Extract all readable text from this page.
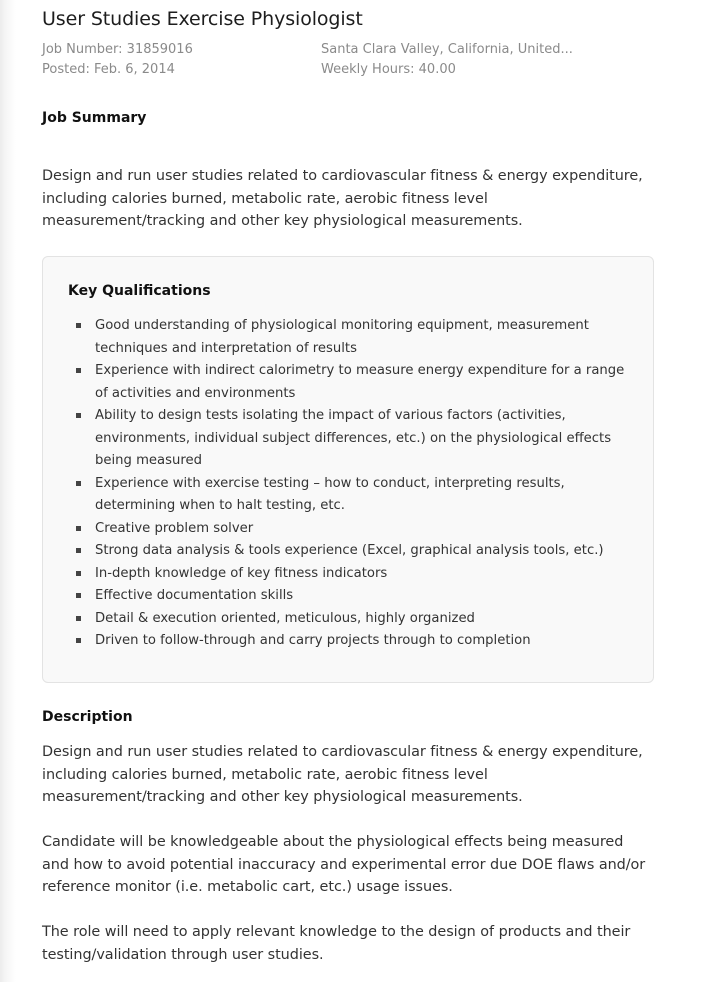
User Studies Exercise Physiologist
Job Number: 31859016
Posted: Feb. 6, 2014
Santa Clara Valley, California, United...
Weekly Hours: 40.00
Job Summary

Design and run user studies related to cardiovascular fitness & energy expenditure,
including calories burned, metabolic rate, aerobic fitness level
measurement/tracking and other key physiological measurements.

Key Qualifications
Good understanding of physiological monitoring equipment, measurement
techniques and interpretation of results
Experience with indirect calorimetry to measure energy expenditure for a range
of activities and environments
Ability to design tests isolating the impact of various factors (activities,
environments, individual subject differences, etc.) on the physiological effects
being measured
Experience with exercise testing – how to conduct, interpreting results,
determining when to halt testing, etc.
Creative problem solver
Strong data analysis & tools experience (Excel, graphical analysis tools, etc.)
In-depth knowledge of key fitness indicators
Effective documentation skills
Detail & execution oriented, meticulous, highly organized
Driven to follow-through and carry projects through to completion
Description

Design and run user studies related to cardiovascular fitness & energy expenditure,
including calories burned, metabolic rate, aerobic fitness level
measurement/tracking and other key physiological measurements.

Candidate will be knowledgeable about the physiological effects being measured
and how to avoid potential inaccuracy and experimental error due DOE flaws and/or
reference monitor (i.e. metabolic cart, etc.) usage issues.

The role will need to apply relevant knowledge to the design of products and their
testing/validation through user studies.
